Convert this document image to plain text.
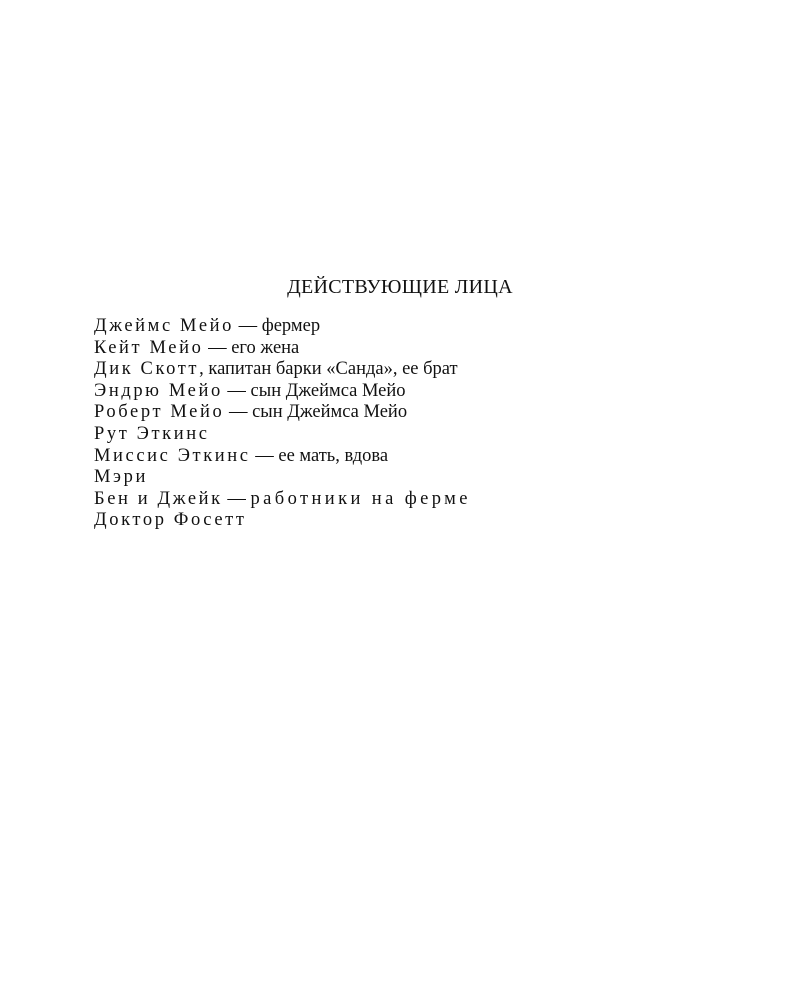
ДЕЙСТВУЮЩИЕ ЛИЦА
Джеймс Мейо — фермер
Кейт Мейо — его жена
Дик Скотт, капитан барки «Санда», ее брат
Эндрю Мейо — сын Джеймса Мейо
Роберт Мейо — сын Джеймса Мейо
Рут Эткинс
Миссис Эткинс — ее мать, вдова
Мэри
Бен и Джейк — работники на ферме
Доктор Фосетт
